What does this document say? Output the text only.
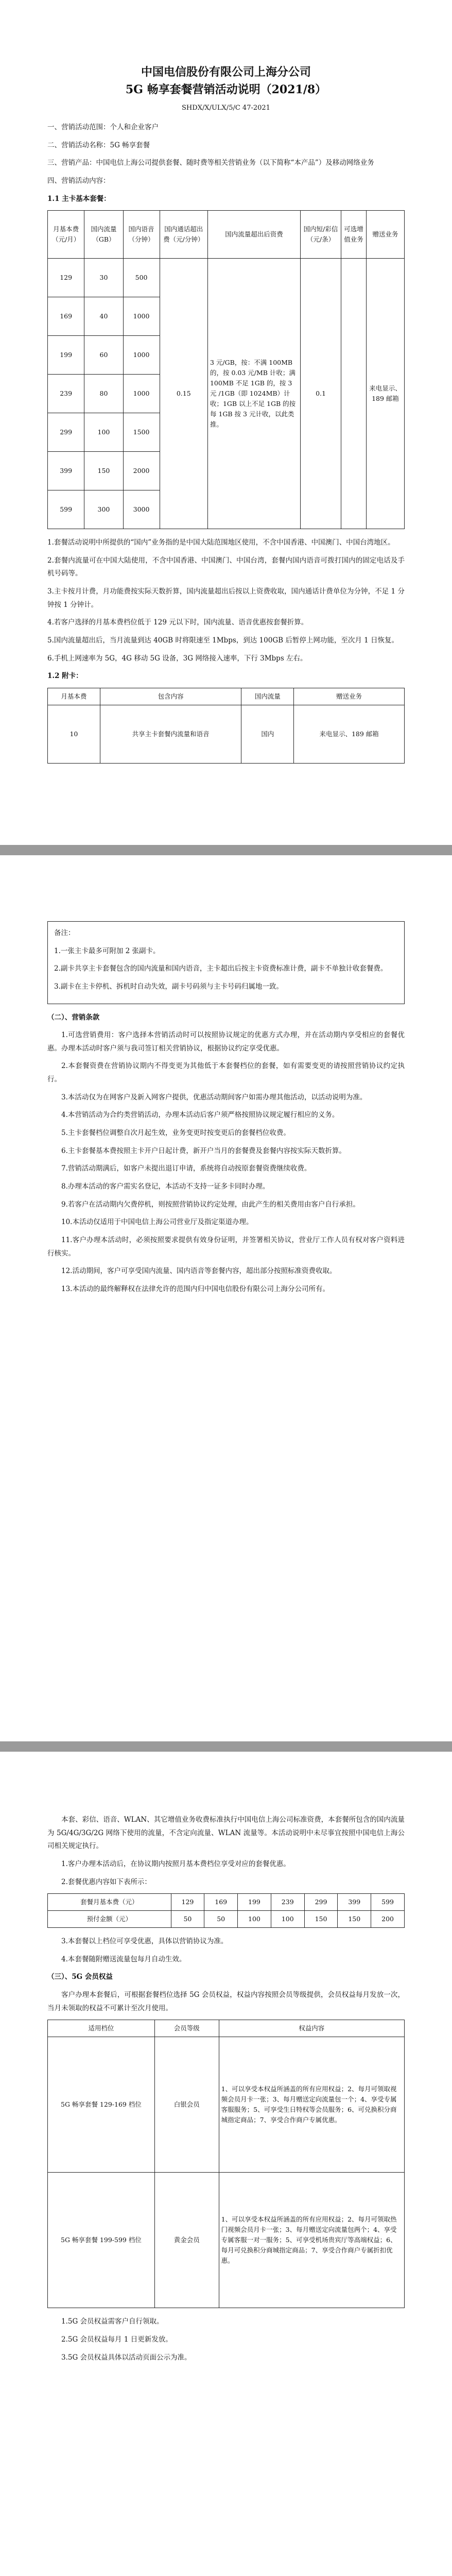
中国电信股份有限公司上海分公司
5G 畅享套餐营销活动说明（2021/8）
SHDX/X/ULX/5/C 47-2021

一、营销活动范围：个人和企业客户

二、营销活动名称：5G 畅享套餐

三、营销产品：中国电信上海公司提供套餐、随时费等相关营销业务（以下简称“本产品”）及移动网络业务

四、营销活动内容：

1.1 主卡基本套餐：

月基本费（元/月）	国内流量（GB）	国内语音（分钟）	国内通话超出费（元/分钟）	国内流量超出后资费	国内短/彩信（元/条）	可选增值业务	赠送业务
129	30	500	0.15	3 元/GB，按：不满 100MB 的，按 0.03 元/MB 计收；满 100MB 不足 1GB 的，按 3 元 /1GB（即 1024MB）计收；1GB 以上不足 1GB 的按每 1GB 按 3 元计收，以此类推。	0.1		来电显示、189 邮箱
169	40	1000					
199	60	1000					
239	80	1000					
299	100	1500					
399	150	2000					
599	300	3000					

1.套餐活动说明中所提供的“国内”业务指的是中国大陆范围地区使用，不含中国香港、中国澳门、中国台湾地区。

2.套餐内流量可在中国大陆使用，不含中国香港、中国澳门、中国台湾，套餐内国内语音可拨打国内的固定电话及手机号码等。

3.主卡按月计费，月功能费按实际天数折算，国内流量超出后按以上资费收取，国内通话计费单位为分钟，不足 1 分钟按 1 分钟计。

4.若客户选择的月基本费档位低于 129 元以下时，国内流量、语音优惠按套餐折算。

5.国内流量超出后，当月流量到达 40GB 时将限速至 1Mbps，到达 100GB 后暂停上网功能，至次月 1 日恢复。

6.手机上网速率为 5G，4G 移动 5G 设备，3G 网络接入速率，下行 3Mbps 左右。

1.2 附卡：

月基本费	包含内容	国内流量	赠送业务
10	共享主卡套餐内流量和语音	国内	来电显示、189 邮箱

备注：

1.一张主卡最多可附加 2 张副卡。

2.副卡共享主卡套餐包含的国内流量和国内语音，主卡超出后按主卡资费标准计费，副卡不单独计收套餐费。

3.副卡在主卡停机、拆机时自动失效，副卡号码须与主卡号码归属地一致。

（二）、营销条款

1.可选营销费用：客户选择本营销活动时可以按照协议规定的优惠方式办理，并在活动期内享受相应的套餐优惠。办理本活动时客户须与我司签订相关营销协议，根据协议约定享受优惠。

2.本套餐资费在营销协议期内不得变更为其他低于本套餐档位的套餐，如有需要变更的请按照营销协议约定执行。

3.本活动仅为在网客户及新入网客户提供，优惠活动期间客户如需办理其他活动，以活动说明为准。

4.本营销活动为合约类营销活动，办理本活动后客户须严格按照协议规定履行相应的义务。

5.主卡套餐档位调整自次月起生效，业务变更时按变更后的套餐档位收费。

6.主卡套餐基本费按照主卡开户日起计费，新开户当月的套餐费及套餐内容按实际天数折算。

7.营销活动期满后，如客户未提出退订申请，系统将自动按原套餐资费继续收费。

8.办理本活动的客户需实名登记，本活动不支持一证多卡同时办理。

9.若客户在活动期内欠费停机，则按照营销协议约定处理，由此产生的相关费用由客户自行承担。

10.本活动仅适用于中国电信上海公司营业厅及指定渠道办理。

11.客户办理本活动时，必须按照要求提供有效身份证明，并签署相关协议，营业厅工作人员有权对客户资料进行核实。

12.活动期间，客户可享受国内流量、国内语音等套餐内容，超出部分按照标准资费收取。

13.本活动的最终解释权在法律允许的范围内归中国电信股份有限公司上海分公司所有。

本套、彩信、语音、WLAN、其它增值业务收费标准执行中国电信上海公司标准资费，本套餐所包含的国内流量为 5G/4G/3G/2G 网络下使用的流量，不含定向流量、WLAN 流量等。本活动说明中未尽事宜按照中国电信上海公司相关规定执行。

1.客户办理本活动后，在协议期内按照月基本费档位享受对应的套餐优惠。

2.套餐优惠内容如下表所示：

套餐月基本费（元）	129	169	199	239	299	399	599
预付金额（元）	50	50	100	100	150	150	200

3.本套餐以上档位可享受优惠，具体以营销协议为准。

4.本套餐随附赠送流量包每月自动生效。

（三）、5G 会员权益

客户办理本套餐后，可根据套餐档位选择 5G 会员权益，权益内容按照会员等级提供，会员权益每月发放一次，当月未领取的权益不可累计至次月使用。

适用档位	会员等级	权益内容
5G 畅享套餐 129-169 档位	白银会员	1、可以享受本权益所涵盖的所有应用权益；2、每月可领取视频会员月卡一张；3、每月赠送定向流量包一个；4、享受专属客服服务；5、可享受生日特权等会员服务；6、可兑换积分商城指定商品；7、享受合作商户专属优惠。
5G 畅享套餐 199-599 档位	黄金会员	1、可以享受本权益所涵盖的所有应用权益；2、每月可领取热门视频会员月卡一张；3、每月赠送定向流量包两个；4、享受专属客服一对一服务；5、可享受机场贵宾厅等高端权益；6、每月可兑换积分商城指定商品；7、享受合作商户专属折扣优惠。

1.5G 会员权益需客户自行领取。

2.5G 会员权益每月 1 日更新发放。

3.5G 会员权益具体以活动页面公示为准。
